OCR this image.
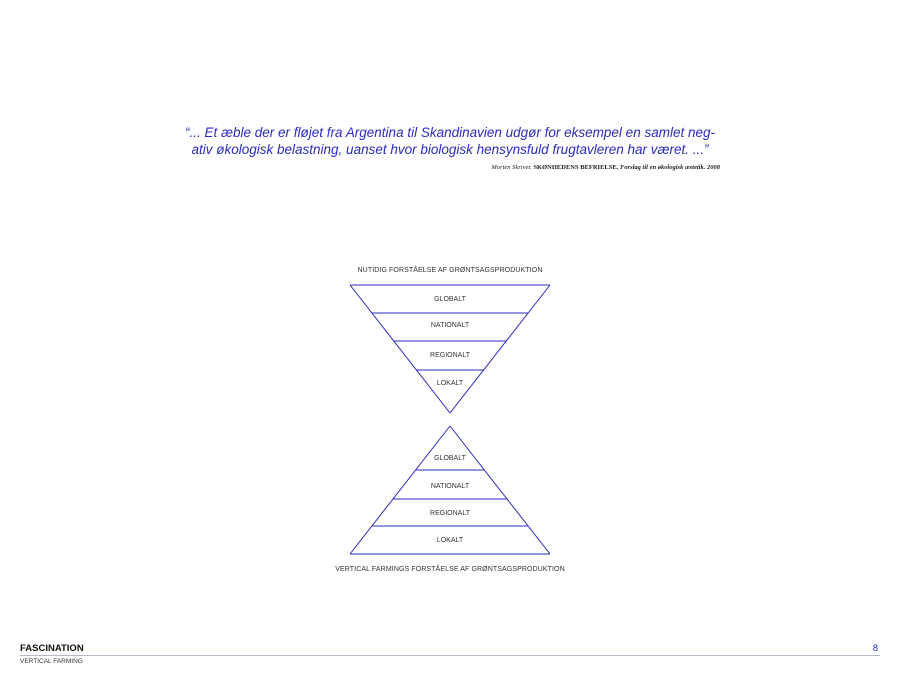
“... Et æble der er fløjet fra Argentina til Skandinavien udgør for eksempel en samlet neg-
ativ økologisk belastning, uanset hvor biologisk hensynsfuld frugtavleren har været. ...”
Morten Skriver. SKØNHEDENS BEFRIELSE, Forslag til en økologisk æstetik. 2008
NUTIDIG FORSTÅELSE AF GRØNTSAGSPRODUKTION
GLOBALT
NATIONALT
REGIONALT
LOKALT
GLOBALT
NATIONALT
REGIONALT
LOKALT
VERTICAL FARMINGS FORSTÅELSE AF GRØNTSAGSPRODUKTION
FASCINATION
VERTICAL FARMING
8
